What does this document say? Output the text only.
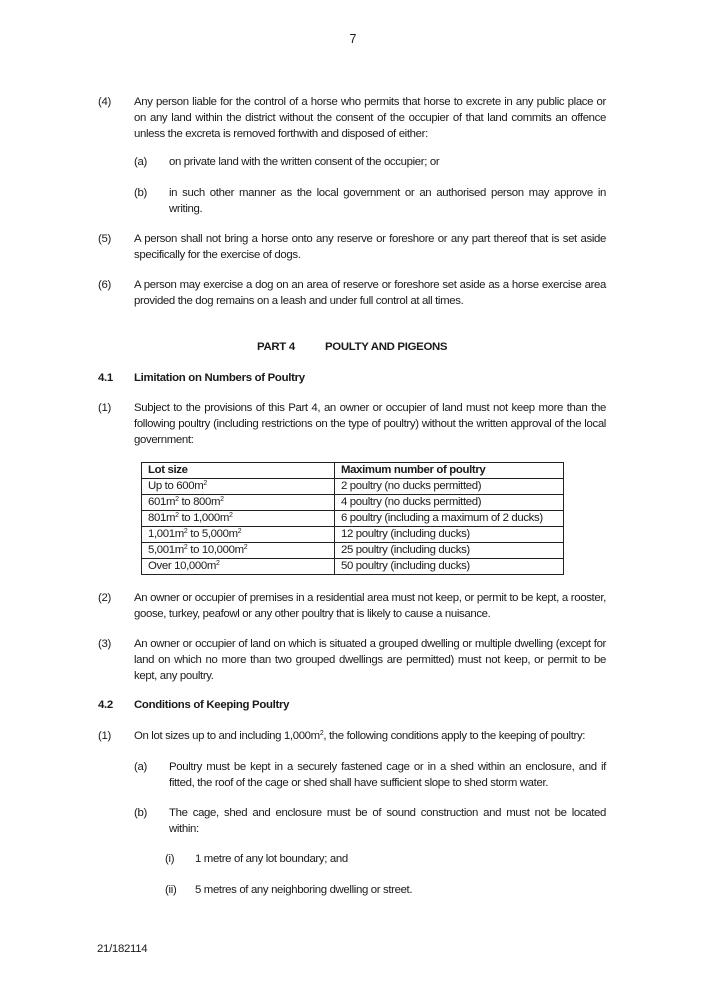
7
(4) Any person liable for the control of a horse who permits that horse to excrete in any public place or on any land within the district without the consent of the occupier of that land commits an offence unless the excreta is removed forthwith and disposed of either:
(a) on private land with the written consent of the occupier; or
(b) in such other manner as the local government or an authorised person may approve in writing.
(5) A person shall not bring a horse onto any reserve or foreshore or any part thereof that is set aside specifically for the exercise of dogs.
(6) A person may exercise a dog on an area of reserve or foreshore set aside as a horse exercise area provided the dog remains on a leash and under full control at all times.
PART 4	POULTY AND PIGEONS
4.1 Limitation on Numbers of Poultry
(1) Subject to the provisions of this Part 4, an owner or occupier of land must not keep more than the following poultry (including restrictions on the type of poultry) without the written approval of the local government:
Lot size	Maximum number of poultry
Up to $600m^2$	2 poultry (no ducks permitted)
$601m^2$ to $800m^2$	4 poultry (no ducks permitted)
$801m^2$ to $1,000m^2$	6 poultry (including a maximum of 2 ducks)
$1,001m^2$ to $5,000m^2$	12 poultry (including ducks)
$5,001m^2$ to $10,000m^2$	25 poultry (including ducks)
Over $10,000m^2$	50 poultry (including ducks)
(2) An owner or occupier of premises in a residential area must not keep, or permit to be kept, a rooster, goose, turkey, peafowl or any other poultry that is likely to cause a nuisance.
(3) An owner or occupier of land on which is situated a grouped dwelling or multiple dwelling (except for land on which no more than two grouped dwellings are permitted) must not keep, or permit to be kept, any poultry.
4.2 Conditions of Keeping Poultry
(1) On lot sizes up to and including $1,000m^2$, the following conditions apply to the keeping of poultry:
(a) Poultry must be kept in a securely fastened cage or in a shed within an enclosure, and if fitted, the roof of the cage or shed shall have sufficient slope to shed storm water.
(b) The cage, shed and enclosure must be of sound construction and must not be located within:
(i) 1 metre of any lot boundary; and
(ii) 5 metres of any neighboring dwelling or street.
21/182114
